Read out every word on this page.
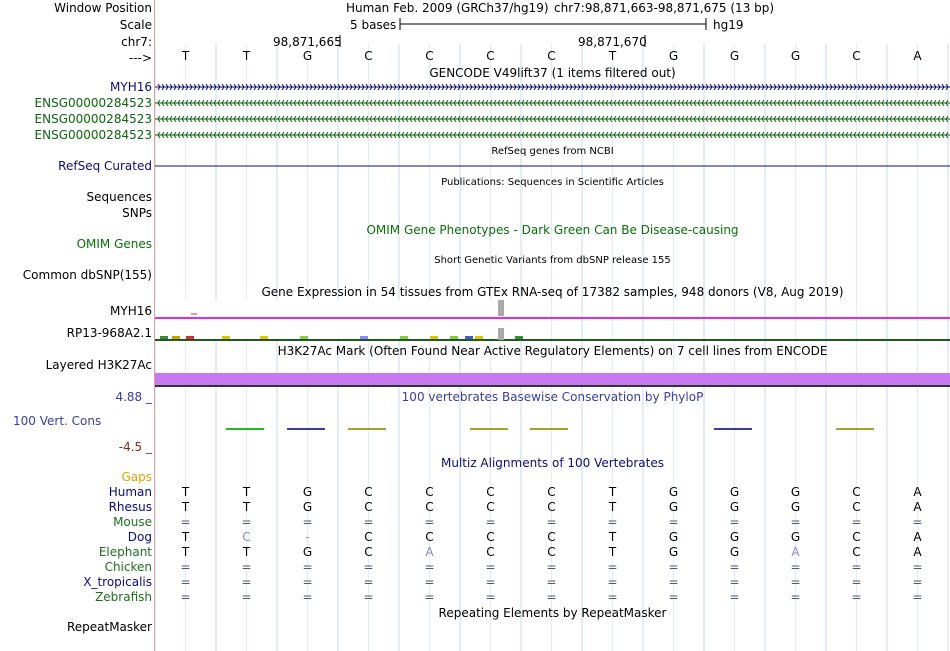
Window Position
Scale
chr7:
--->
Human Feb. 2009 (GRCh37/hg19) chr7:98,871,663-98,871,675 (13 bp)
5 bases	hg19
98,871,665	98,871,670
T	T	G	C	C	C	C	T	G	G	G	C	A
GENCODE V49lift37 (1 items filtered out)
MYH16
ENSG00000284523
ENSG00000284523
ENSG00000284523
RefSeq genes from NCBI
RefSeq Curated
Publications: Sequences in Scientific Articles
Sequences
SNPs
OMIM Gene Phenotypes - Dark Green Can Be Disease-causing
OMIM Genes
Short Genetic Variants from dbSNP release 155
Common dbSNP(155)
Gene Expression in 54 tissues from GTEx RNA-seq of 17382 samples, 948 donors (V8, Aug 2019)
MYH16
RP13-968A2.1
H3K27Ac Mark (Often Found Near Active Regulatory Elements) on 7 cell lines from ENCODE
Layered H3K27Ac
100 vertebrates Basewise Conservation by PhyloP
4.88 _
100 Vert. Cons
-4.5 _
Multiz Alignments of 100 Vertebrates
Gaps
Human	T	T	G	C	C	C	C	T	G	G	G	C	A
Rhesus	T	T	G	C	C	C	C	T	G	G	G	C	A
Mouse	=	=	=	=	=	=	=	=	=	=	=	=	=
Dog	T	C	-	C	C	C	C	T	G	G	G	C	A
Elephant	T	T	G	C	A	C	C	T	G	G	A	C	A
Chicken	=	=	=	=	=	=	=	=	=	=	=	=	=
X_tropicalis	=	=	=	=	=	=	=	=	=	=	=	=	=
Zebrafish	=	=	=	=	=	=	=	=	=	=	=	=	=
Repeating Elements by RepeatMasker
RepeatMasker
